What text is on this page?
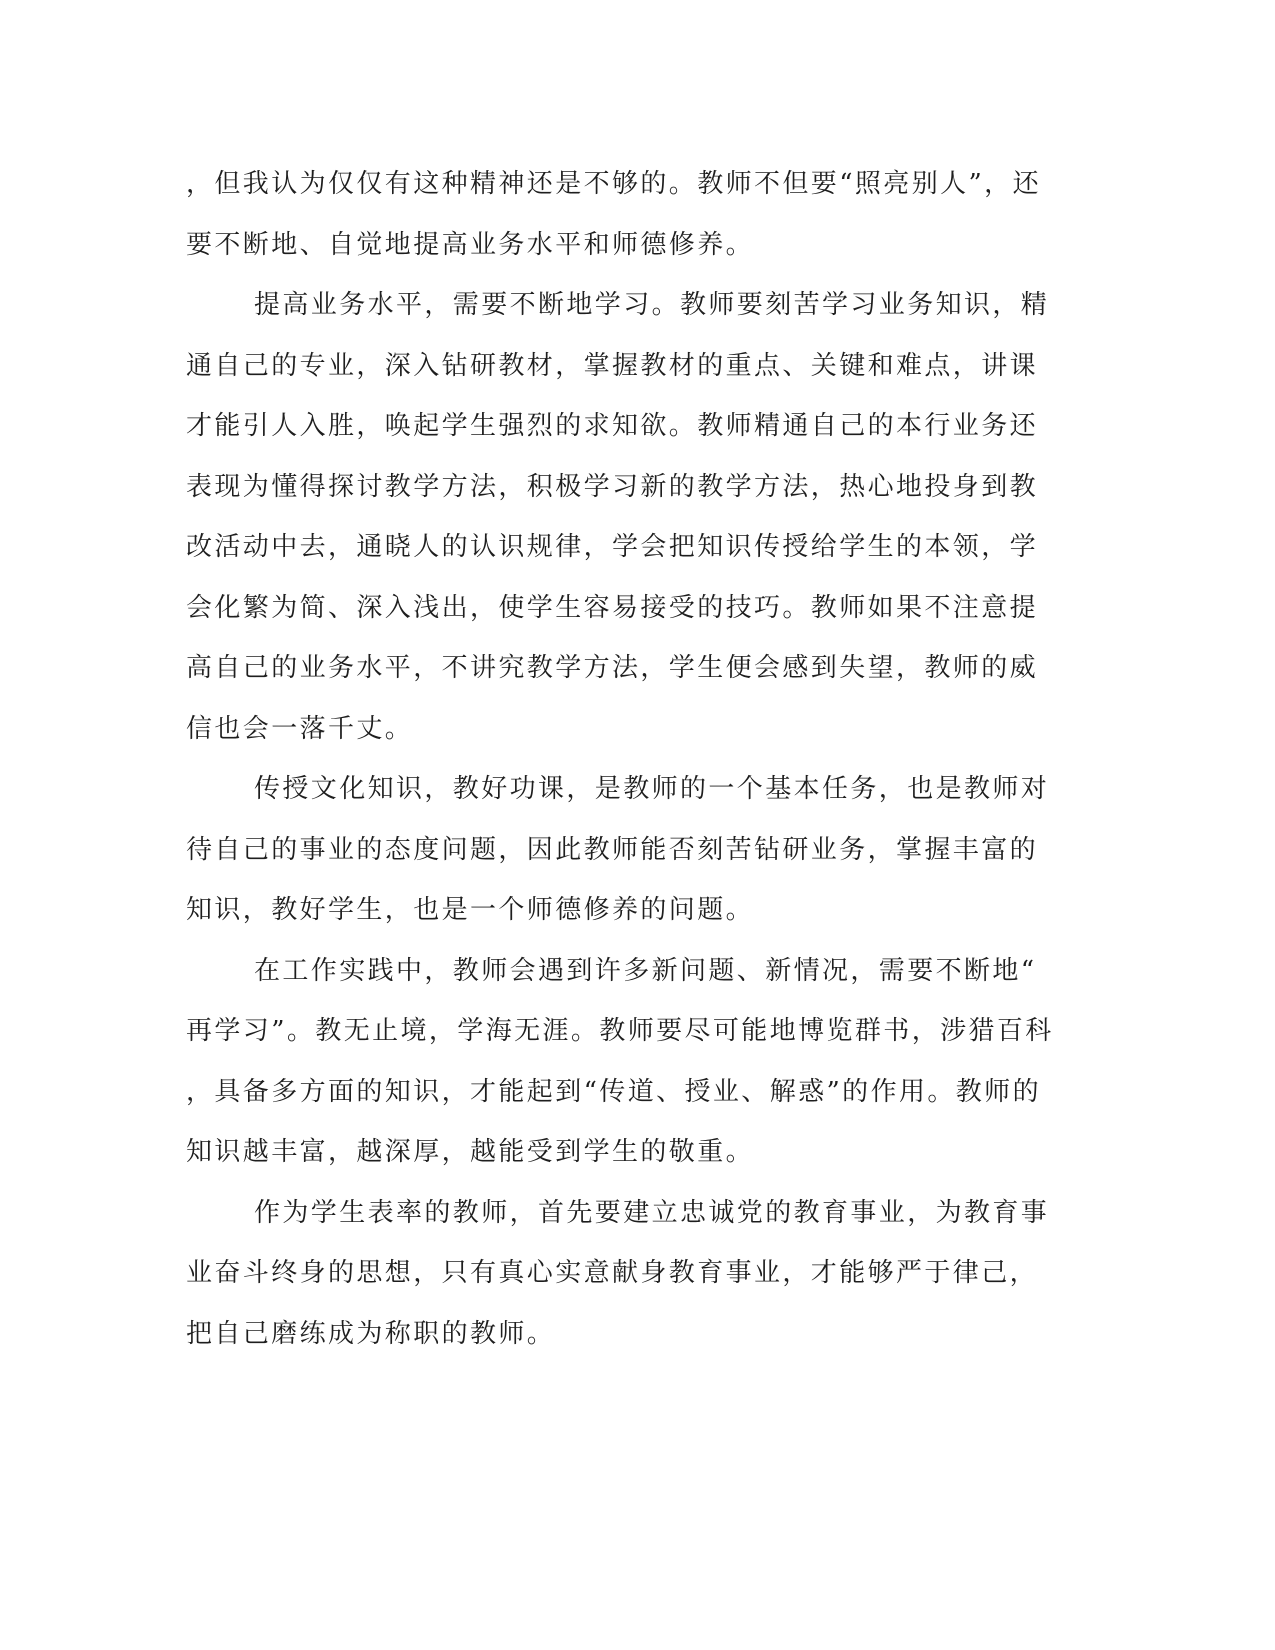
，但我认为仅仅有这种精神还是不够的。教师不但要“照亮别人”，还
要不断地、自觉地提高业务水平和师德修养。
提高业务水平，需要不断地学习。教师要刻苦学习业务知识，精
通自己的专业，深入钻研教材，掌握教材的重点、关键和难点，讲课
才能引人入胜，唤起学生强烈的求知欲。教师精通自己的本行业务还
表现为懂得探讨教学方法，积极学习新的教学方法，热心地投身到教
改活动中去，通晓人的认识规律，学会把知识传授给学生的本领，学
会化繁为简、深入浅出，使学生容易接受的技巧。教师如果不注意提
高自己的业务水平，不讲究教学方法，学生便会感到失望，教师的威
信也会一落千丈。
传授文化知识，教好功课，是教师的一个基本任务，也是教师对
待自己的事业的态度问题，因此教师能否刻苦钻研业务，掌握丰富的
知识，教好学生，也是一个师德修养的问题。
在工作实践中，教师会遇到许多新问题、新情况，需要不断地“
再学习”。教无止境，学海无涯。教师要尽可能地博览群书，涉猎百科
，具备多方面的知识，才能起到“传道、授业、解惑”的作用。教师的
知识越丰富，越深厚，越能受到学生的敬重。
作为学生表率的教师，首先要建立忠诚党的教育事业，为教育事
业奋斗终身的思想，只有真心实意献身教育事业，才能够严于律己，
把自己磨练成为称职的教师。
